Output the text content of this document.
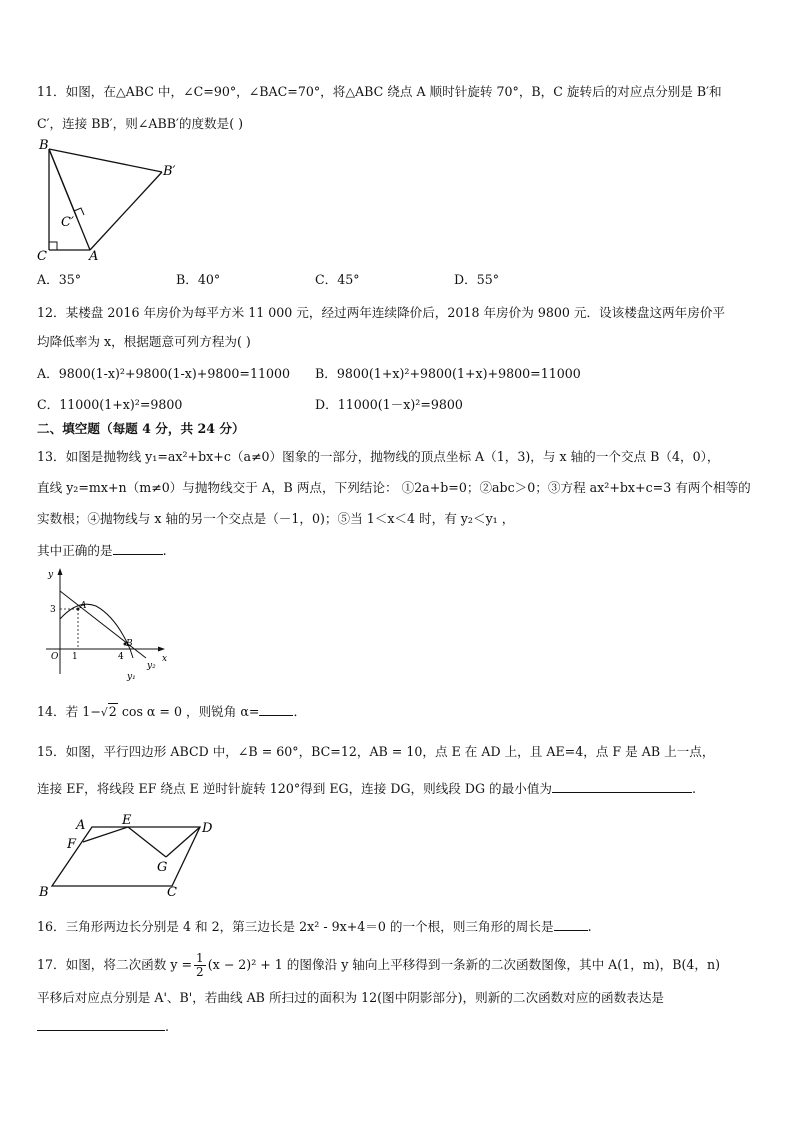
11．如图，在△ABC 中，∠C=90°，∠BAC=70°，将△ABC 绕点 A 顺时针旋转 70°，B，C 旋转后的对应点分别是 B′和
C′，连接 BB′，则∠ABB′的度数是( )
B
B′
C′
C	A
A．35°	B．40°	C．45°	D．55°
12．某楼盘 2016 年房价为每平方米 11 000 元，经过两年连续降价后，2018 年房价为 9800 元．设该楼盘这两年房价平
均降低率为 x，根据题意可列方程为( )
A．9800(1-x)²+9800(1-x)+9800=11000 B．9800(1+x)²+9800(1+x)+9800=11000
C．11000(1+x)²=9800	D．11000(1－x)²=9800
二、填空题（每题 4 分，共 24 分）
13．如图是抛物线 y₁=ax²+bx+c（a≠0）图象的一部分，抛物线的顶点坐标 A（1，3)，与 x 轴的一个交点 B（4，0），
直线 y₂=mx+n（m≠0）与抛物线交于 A，B 两点，下列结论： ①2a+b=0；②abc＞0；③方程 ax²+bx+c=3 有两个相等的
实数根；④抛物线与 x 轴的另一个交点是（－1，0)；⑤当 1＜x＜4 时，有 y₂＜y₁ ，
其中正确的是	.
y
x
O
3
1	4
A
B
y₂
y₁
14．若 1−√2 cos α = 0 ，则锐角 α=	．
15．如图，平行四边形 ABCD 中，∠B = 60°，BC=12，AB = 10，点 E 在 AD 上，且 AE=4，点 F 是 AB 上一点，
连接 EF，将线段 EF 绕点 E 逆时针旋转 120°得到 EG，连接 DG，则线段 DG 的最小值为	.
A	E
D
F
G
B	C
16．三角形两边长分别是 4 和 2，第三边长是 2x² - 9x+4＝0 的一个根，则三角形的周长是	.
17．如图，将二次函数 $y = \frac{1}{2} (x - 2)^2 + 1$ 的图像沿 y 轴向上平移得到一条新的二次函数图像，其中 A(1，m)，B(4，n)
平移后对应点分别是 A'、B'，若曲线 AB 所扫过的面积为 12(图中阴影部分)，则新的二次函数对应的函数表达是
.
